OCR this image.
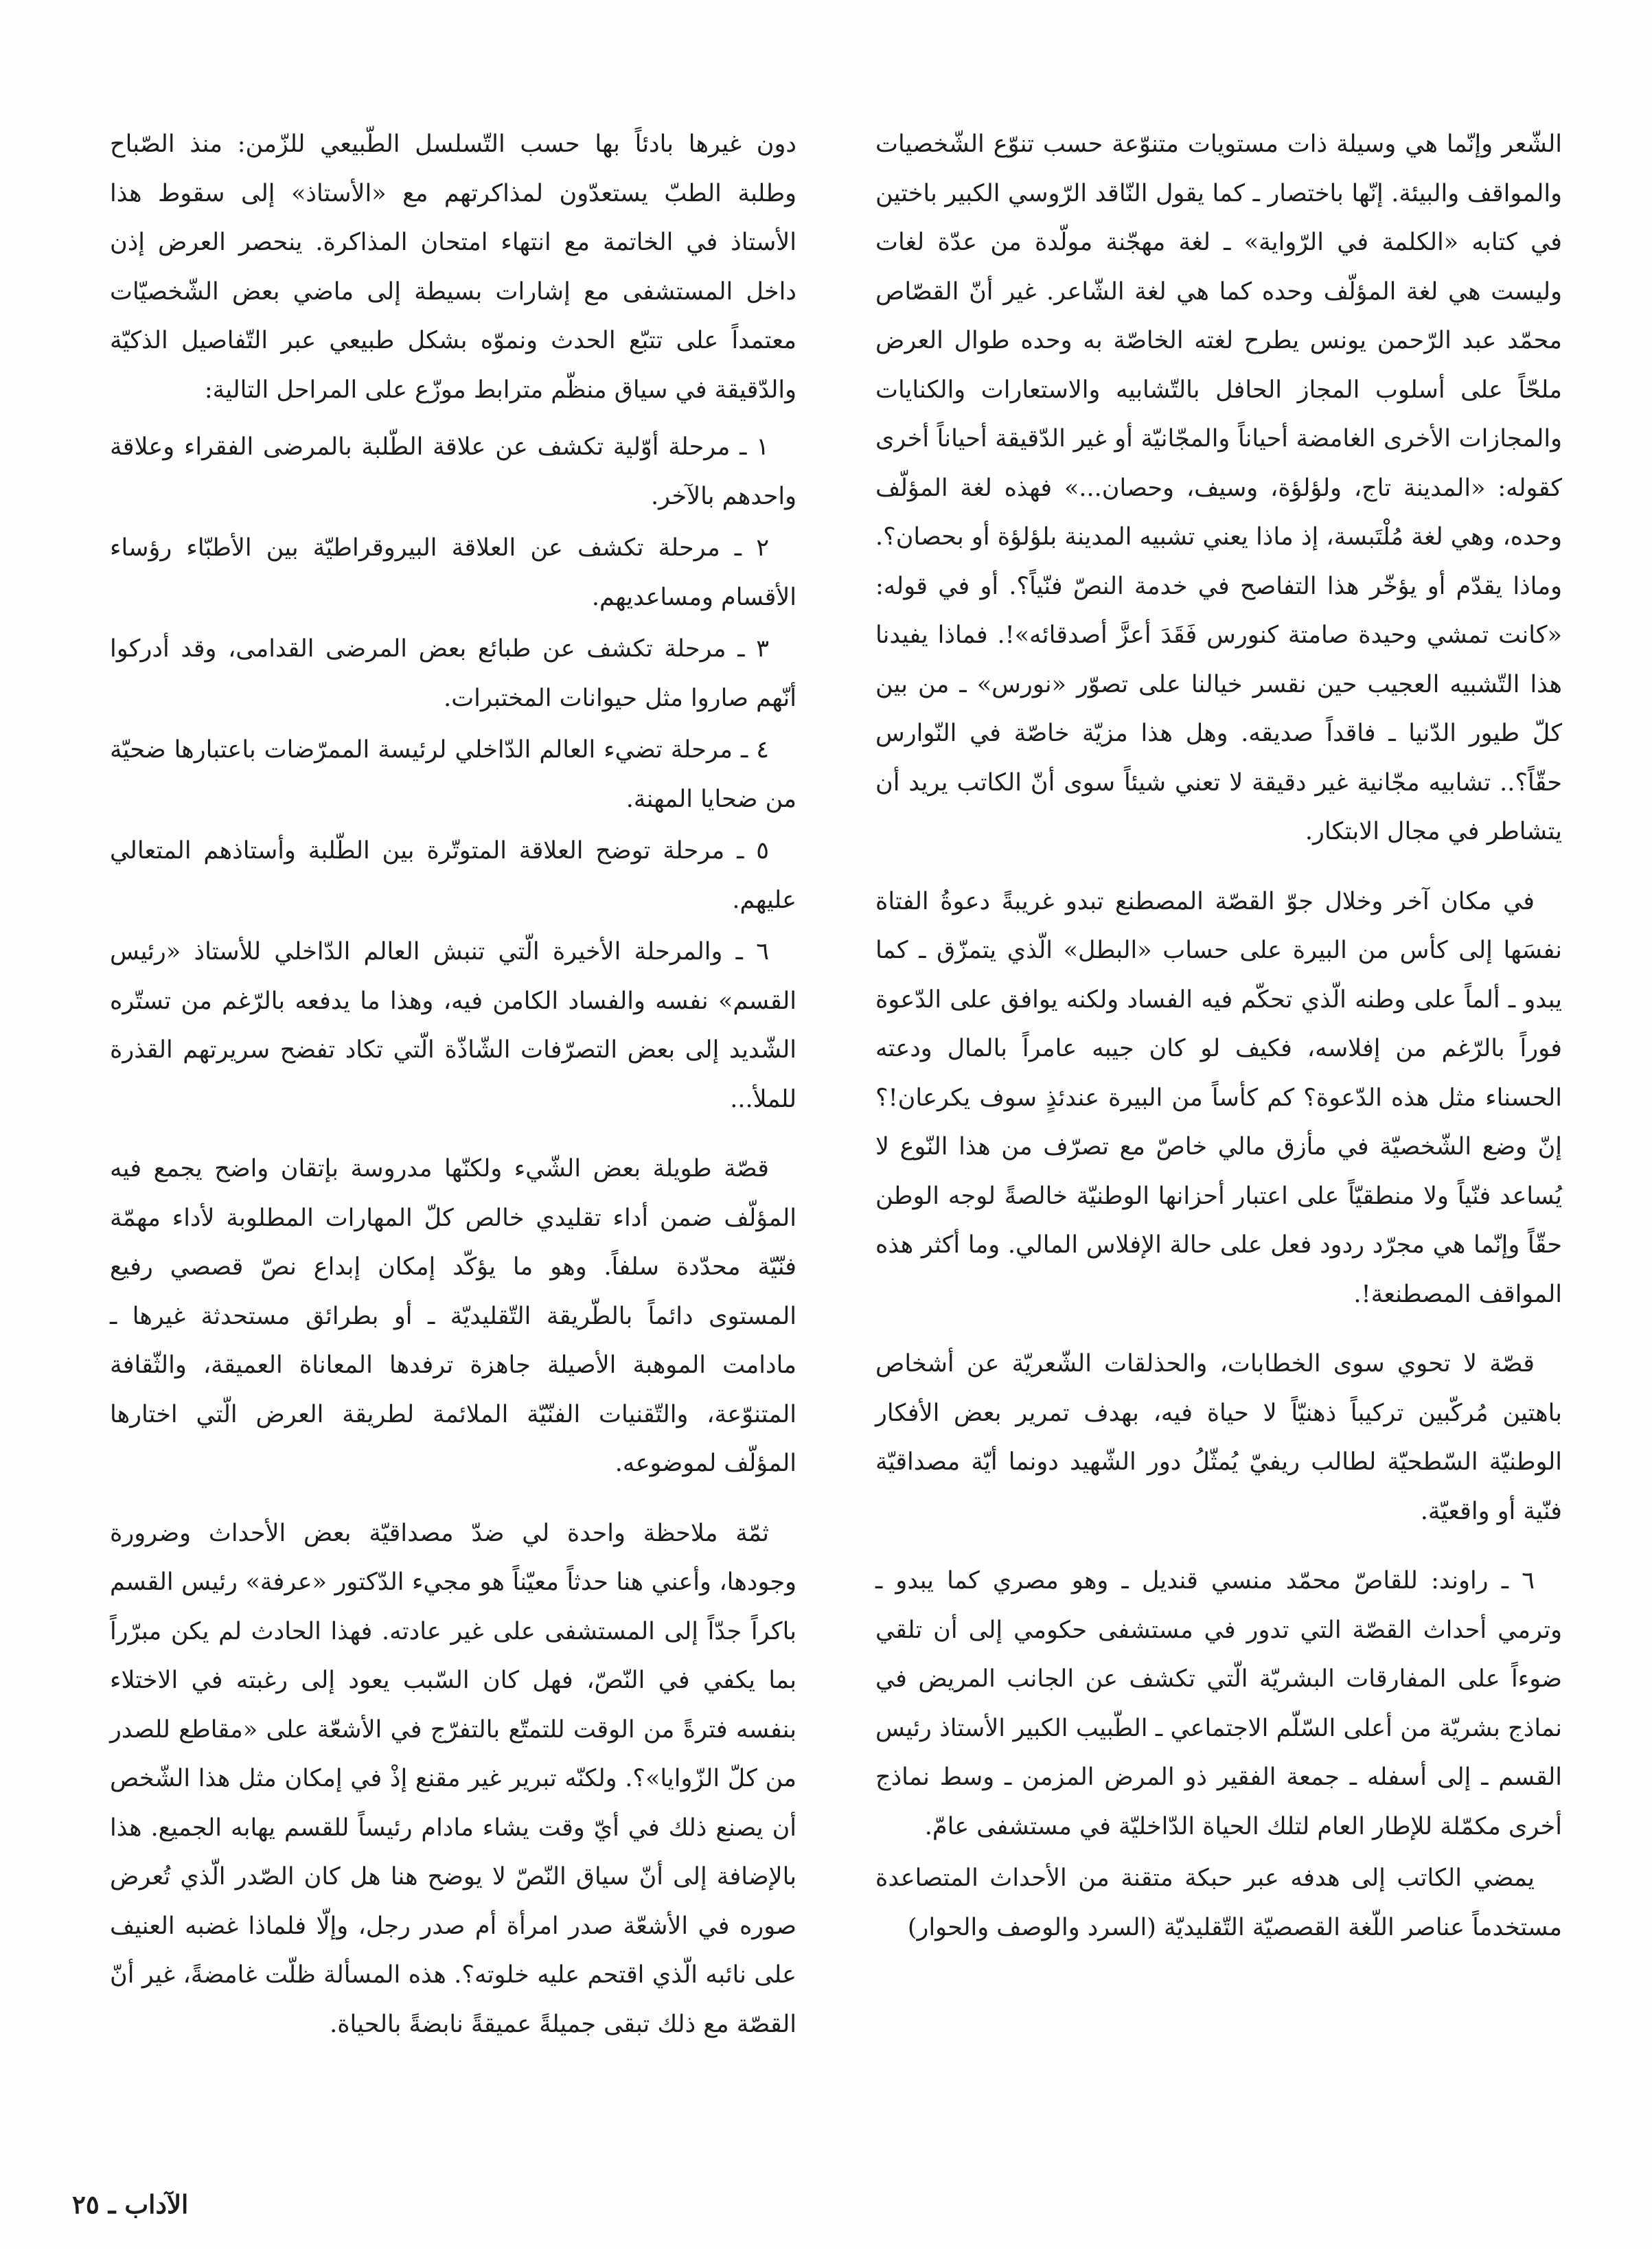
الشّعر وإنّما هي وسيلة ذات مستويات متنوّعة حسب تنوّع الشّخصيات والمواقف والبيئة. إنّها باختصار ـ كما يقول النّاقد الرّوسي الكبير باختين في كتابه «الكلمة في الرّواية» ـ لغة مهجّنة مولّدة من عدّة لغات وليست هي لغة المؤلّف وحده كما هي لغة الشّاعر. غير أنّ القصّاص محمّد عبد الرّحمن يونس يطرح لغته الخاصّة به وحده طوال العرض ملحّاً على أسلوب المجاز الحافل بالتّشابيه والاستعارات والكنايات والمجازات الأخرى الغامضة أحياناً والمجّانيّة أو غير الدّقيقة أحياناً أخرى كقوله: «المدينة تاج، ولؤلؤة، وسيف، وحصان...» فهذه لغة المؤلّف وحده، وهي لغة مُلْتَبسة، إذ ماذا يعني تشبيه المدينة بلؤلؤة أو بحصان؟. وماذا يقدّم أو يؤخّر هذا التفاصح في خدمة النصّ فنّياً؟. أو في قوله: «كانت تمشي وحيدة صامتة كنورس فَقَدَ أعزَّ أصدقائه»!. فماذا يفيدنا هذا التّشبيه العجيب حين نقسر خيالنا على تصوّر «نورس» ـ من بين كلّ طيور الدّنيا ـ فاقداً صديقه. وهل هذا مزيّة خاصّة في النّوارس حقّاً؟.. تشابيه مجّانية غير دقيقة لا تعني شيئاً سوى أنّ الكاتب يريد أن يتشاطر في مجال الابتكار.

في مكان آخر وخلال جوّ القصّة المصطنع تبدو غريبةً دعوةُ الفتاة نفسَها إلى كأس من البيرة على حساب «البطل» الّذي يتمزّق ـ كما يبدو ـ ألماً على وطنه الّذي تحكّم فيه الفساد ولكنه يوافق على الدّعوة فوراً بالرّغم من إفلاسه، فكيف لو كان جيبه عامراً بالمال ودعته الحسناء مثل هذه الدّعوة؟ كم كأساً من البيرة عندئذٍ سوف يكرعان!؟ إنّ وضع الشّخصيّة في مأزق مالي خاصّ مع تصرّف من هذا النّوع لا يُساعد فنّياً ولا منطقيّاً على اعتبار أحزانها الوطنيّة خالصةً لوجه الوطن حقّاً وإنّما هي مجرّد ردود فعل على حالة الإفلاس المالي. وما أكثر هذه المواقف المصطنعة!.

قصّة لا تحوي سوى الخطابات، والحذلقات الشّعريّة عن أشخاص باهتين مُركّبين تركيباً ذهنيّاً لا حياة فيه، بهدف تمرير بعض الأفكار الوطنيّة السّطحيّة لطالب ريفيّ يُمثّلُ دور الشّهيد دونما أيّة مصداقيّة فنّية أو واقعيّة.

٦ ـ راوند: للقاصّ محمّد منسي قنديل ـ وهو مصري كما يبدو ـ وترمي أحداث القصّة التي تدور في مستشفى حكومي إلى أن تلقي ضوءاً على المفارقات البشريّة الّتي تكشف عن الجانب المريض في نماذج بشريّة من أعلى السّلّم الاجتماعي ـ الطّبيب الكبير الأستاذ رئيس القسم ـ إلى أسفله ـ جمعة الفقير ذو المرض المزمن ـ وسط نماذج أخرى مكمّلة للإطار العام لتلك الحياة الدّاخليّة في مستشفى عامّ.

يمضي الكاتب إلى هدفه عبر حبكة متقنة من الأحداث المتصاعدة مستخدماً عناصر اللّغة القصصيّة التّقليديّة (السرد والوصف والحوار)

دون غيرها بادئاً بها حسب التّسلسل الطّبيعي للزّمن: منذ الصّباح وطلبة الطبّ يستعدّون لمذاكرتهم مع «الأستاذ» إلى سقوط هذا الأستاذ في الخاتمة مع انتهاء امتحان المذاكرة. ينحصر العرض إذن داخل المستشفى مع إشارات بسيطة إلى ماضي بعض الشّخصيّات معتمداً على تتبّع الحدث ونموّه بشكل طبيعي عبر التّفاصيل الذكيّة والدّقيقة في سياق منظّم مترابط موزّع على المراحل التالية:

١ ـ مرحلة أوّلية تكشف عن علاقة الطّلبة بالمرضى الفقراء وعلاقة واحدهم بالآخر.

٢ ـ مرحلة تكشف عن العلاقة البيروقراطيّة بين الأطبّاء رؤساء الأقسام ومساعديهم.

٣ ـ مرحلة تكشف عن طبائع بعض المرضى القدامى، وقد أدركوا أنّهم صاروا مثل حيوانات المختبرات.

٤ ـ مرحلة تضيء العالم الدّاخلي لرئيسة الممرّضات باعتبارها ضحيّة من ضحايا المهنة.

٥ ـ مرحلة توضح العلاقة المتوتّرة بين الطّلبة وأستاذهم المتعالي عليهم.

٦ ـ والمرحلة الأخيرة الّتي تنبش العالم الدّاخلي للأستاذ «رئيس القسم» نفسه والفساد الكامن فيه، وهذا ما يدفعه بالرّغم من تستّره الشّديد إلى بعض التصرّفات الشّاذّة الّتي تكاد تفضح سريرتهم القذرة للملأ...

قصّة طويلة بعض الشّيء ولكنّها مدروسة بإتقان واضح يجمع فيه المؤلّف ضمن أداء تقليدي خالص كلّ المهارات المطلوبة لأداء مهمّة فنّيّة محدّدة سلفاً. وهو ما يؤكّد إمكان إبداع نصّ قصصي رفيع المستوى دائماً بالطّريقة التّقليديّة ـ أو بطرائق مستحدثة غيرها ـ مادامت الموهبة الأصيلة جاهزة ترفدها المعاناة العميقة، والثّقافة المتنوّعة، والتّقنيات الفنّيّة الملائمة لطريقة العرض الّتي اختارها المؤلّف لموضوعه.

ثمّة ملاحظة واحدة لي ضدّ مصداقيّة بعض الأحداث وضرورة وجودها، وأعني هنا حدثاً معيّناً هو مجيء الدّكتور «عرفة» رئيس القسم باكراً جدّاً إلى المستشفى على غير عادته. فهذا الحادث لم يكن مبرّراً بما يكفي في النّصّ، فهل كان السّبب يعود إلى رغبته في الاختلاء بنفسه فترةً من الوقت للتمتّع بالتفرّج في الأشعّة على «مقاطع للصدر من كلّ الزّوايا»؟. ولكنّه تبرير غير مقنع إذْ في إمكان مثل هذا الشّخص أن يصنع ذلك في أيّ وقت يشاء مادام رئيساً للقسم يهابه الجميع. هذا بالإضافة إلى أنّ سياق النّصّ لا يوضح هنا هل كان الصّدر الّذي تُعرض صوره في الأشعّة صدر امرأة أم صدر رجل، وإلّا فلماذا غضبه العنيف على نائبه الّذي اقتحم عليه خلوته؟. هذه المسألة ظلّت غامضةً، غير أنّ القصّة مع ذلك تبقى جميلةً عميقةً نابضةً بالحياة.

الآداب ـ ٢٥
